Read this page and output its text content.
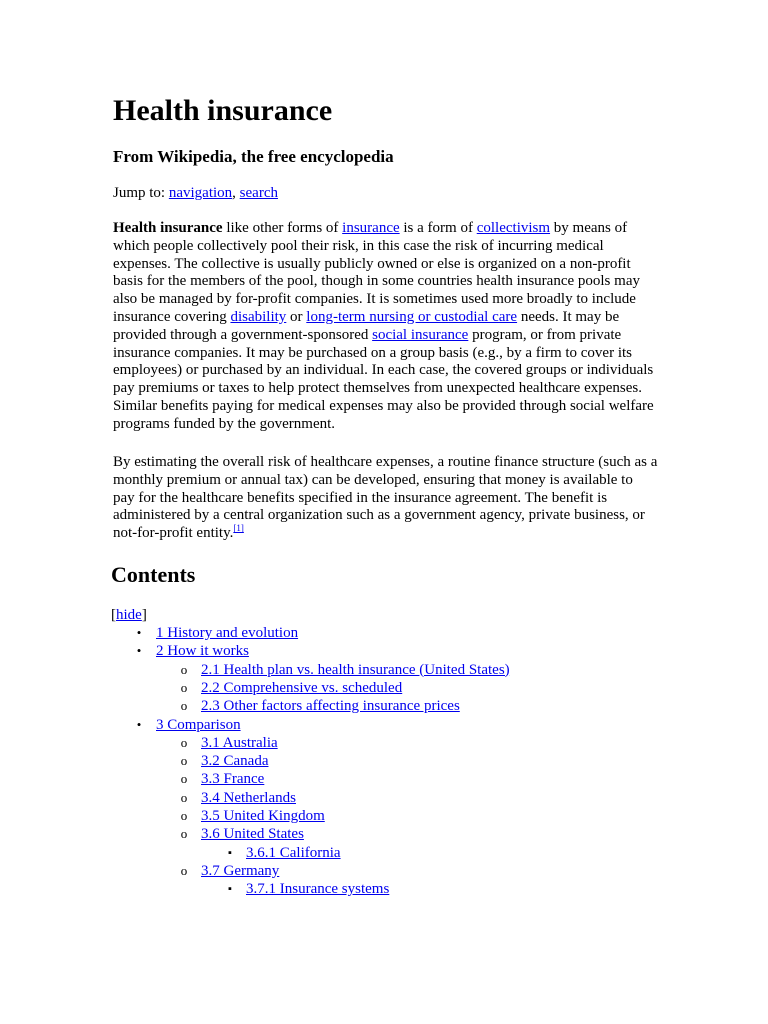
Health insurance
From Wikipedia, the free encyclopedia
Jump to: navigation, search

Health insurance like other forms of insurance is a form of collectivism by means of which people collectively pool their risk, in this case the risk of incurring medical expenses. The collective is usually publicly owned or else is organized on a non-profit basis for the members of the pool, though in some countries health insurance pools may also be managed by for-profit companies. It is sometimes used more broadly to include insurance covering disability or long-term nursing or custodial care needs. It may be provided through a government-sponsored social insurance program, or from private insurance companies. It may be purchased on a group basis (e.g., by a firm to cover its employees) or purchased by an individual. In each case, the covered groups or individuals pay premiums or taxes to help protect themselves from unexpected healthcare expenses. Similar benefits paying for medical expenses may also be provided through social welfare programs funded by the government.

By estimating the overall risk of healthcare expenses, a routine finance structure (such as a monthly premium or annual tax) can be developed, ensuring that money is available to pay for the healthcare benefits specified in the insurance agreement. The benefit is administered by a central organization such as a government agency, private business, or not-for-profit entity.[1]

Contents
[hide]
• 1 History and evolution
• 2 How it works
o 2.1 Health plan vs. health insurance (United States)
o 2.2 Comprehensive vs. scheduled
o 2.3 Other factors affecting insurance prices
• 3 Comparison
o 3.1 Australia
o 3.2 Canada
o 3.3 France
o 3.4 Netherlands
o 3.5 United Kingdom
o 3.6 United States
▪ 3.6.1 California
o 3.7 Germany
▪ 3.7.1 Insurance systems
